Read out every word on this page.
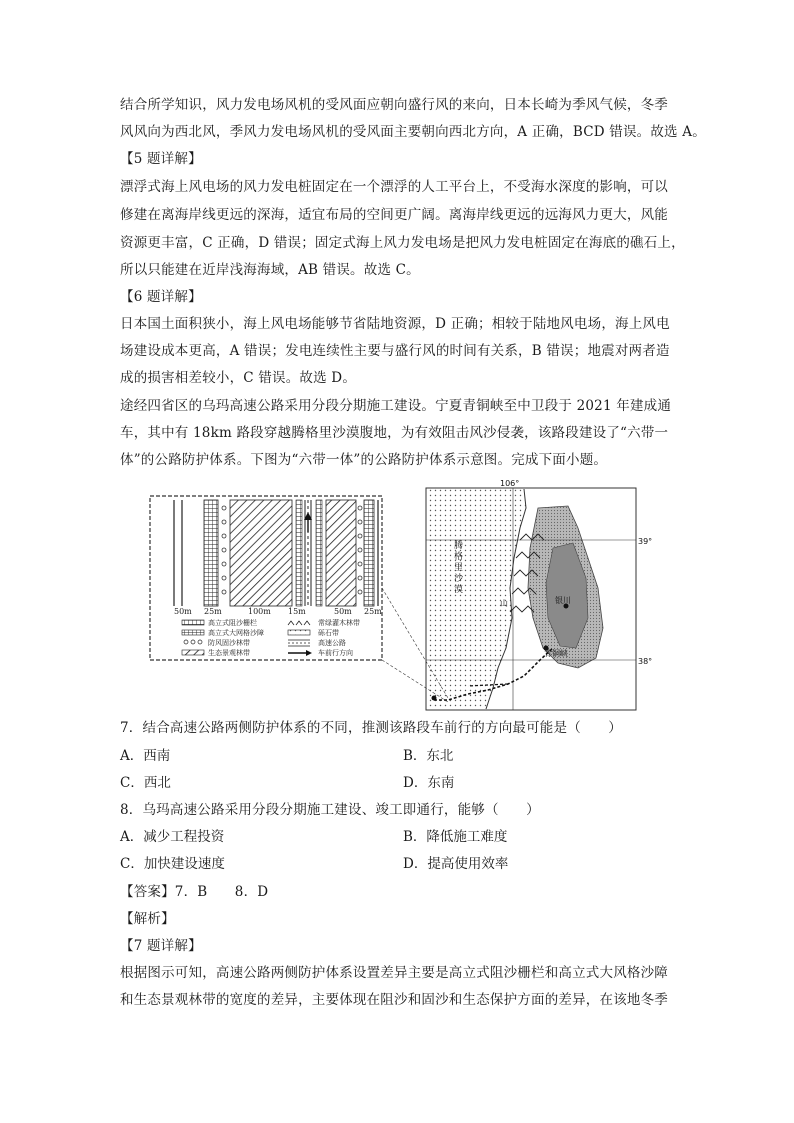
结合所学知识，风力发电场风机的受风面应朝向盛行风的来向，日本长崎为季风气候，冬季
风风向为西北风，季风力发电场风机的受风面主要朝向西北方向，A 正确，BCD 错误。故选 A。
【5 题详解】
漂浮式海上风电场的风力发电桩固定在一个漂浮的人工平台上，不受海水深度的影响，可以
修建在离海岸线更远的深海，适宜布局的空间更广阔。离海岸线更远的远海风力更大，风能
资源更丰富，C 正确，D 错误；固定式海上风力发电场是把风力发电桩固定在海底的礁石上，
所以只能建在近岸浅海海域，AB 错误。故选 C。
【6 题详解】
日本国土面积狭小，海上风电场能够节省陆地资源，D 正确；相较于陆地风电场，海上风电
场建设成本更高，A 错误；发电连续性主要与盛行风的时间有关系，B 错误；地震对两者造
成的损害相差较小，C 错误。故选 D。
途经四省区的乌玛高速公路采用分段分期施工建设。宁夏青铜峡至中卫段于 2021 年建成通
车，其中有 18km 路段穿越腾格里沙漠腹地，为有效阻击风沙侵袭，该路段建设了“六带一
体”的公路防护体系。下图为“六带一体”的公路防护体系示意图。完成下面小题。
50m 25m	100m 15m	50m 25m
高立式阻沙栅栏	常绿灌木林带
高立式大网格沙障	砾石带
防风固沙林带	高速公路
生态景观林带	车前行方向
106°
39°
38°
银川
青铜峡
山
腾格里沙漠
7．结合高速公路两侧防护体系的不同，推测该路段车前行的方向最可能是（　　）
A．西南	B．东北
C．西北	D．东南
8．乌玛高速公路采用分段分期施工建设、竣工即通行，能够（　　）
A．减少工程投资	B．降低施工难度
C．加快建设速度	D．提高使用效率
【答案】7．B　　8．D
【解析】
【7 题详解】
根据图示可知，高速公路两侧防护体系设置差异主要是高立式阻沙栅栏和高立式大风格沙障
和生态景观林带的宽度的差异，主要体现在阻沙和固沙和生态保护方面的差异，在该地冬季
